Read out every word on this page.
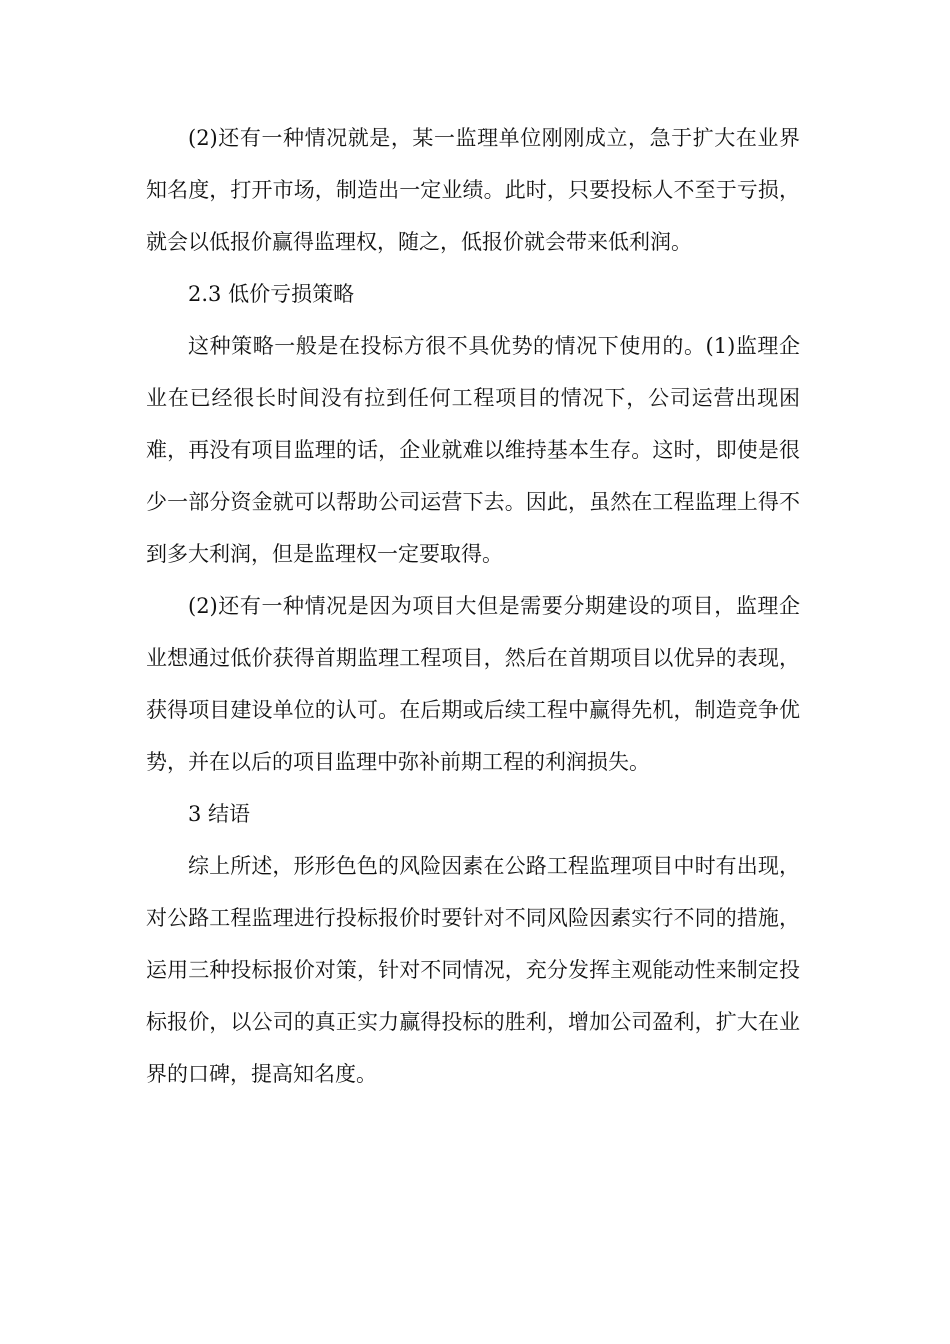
(2)还有一种情况就是，某一监理单位刚刚成立，急于扩大在业界知名度，打开市场，制造出一定业绩。此时，只要投标人不至于亏损，就会以低报价赢得监理权，随之，低报价就会带来低利润。

2.3 低价亏损策略

这种策略一般是在投标方很不具优势的情况下使用的。(1)监理企业在已经很长时间没有拉到任何工程项目的情况下，公司运营出现困难，再没有项目监理的话，企业就难以维持基本生存。这时，即使是很少一部分资金就可以帮助公司运营下去。因此，虽然在工程监理上得不到多大利润，但是监理权一定要取得。

(2)还有一种情况是因为项目大但是需要分期建设的项目，监理企业想通过低价获得首期监理工程项目，然后在首期项目以优异的表现，获得项目建设单位的认可。在后期或后续工程中赢得先机，制造竞争优势，并在以后的项目监理中弥补前期工程的利润损失。

3 结语

综上所述，形形色色的风险因素在公路工程监理项目中时有出现，对公路工程监理进行投标报价时要针对不同风险因素实行不同的措施，运用三种投标报价对策，针对不同情况，充分发挥主观能动性来制定投标报价，以公司的真正实力赢得投标的胜利，增加公司盈利，扩大在业界的口碑，提高知名度。
